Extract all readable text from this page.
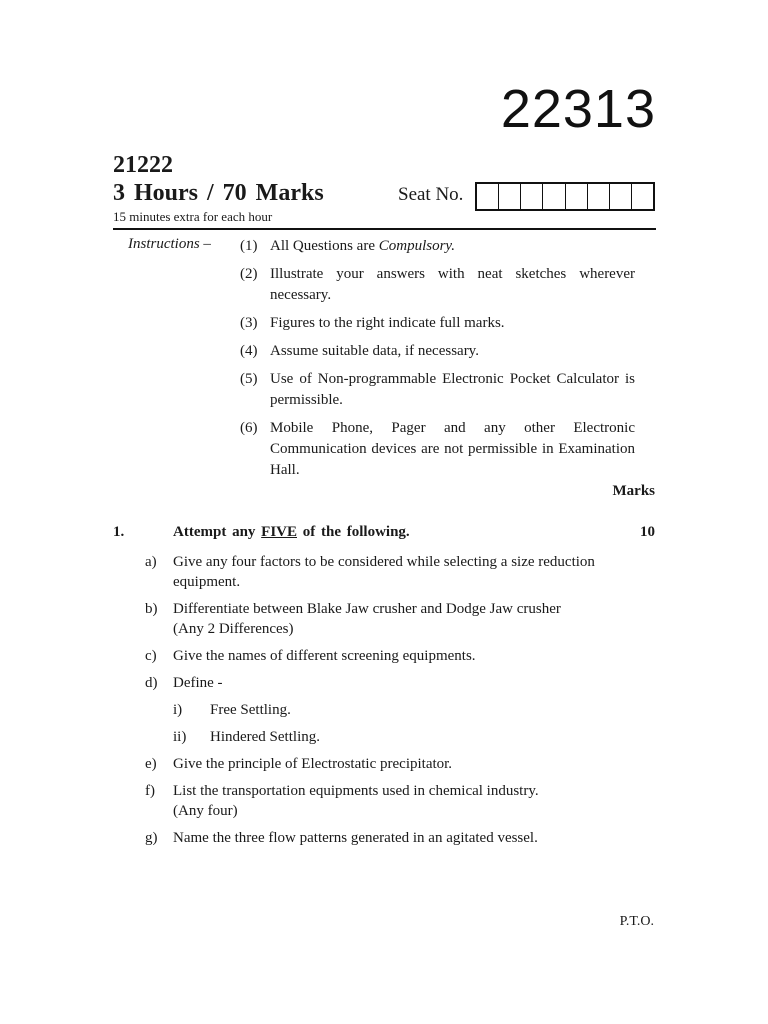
22313
21222
3 Hours / 70 Marks
15 minutes extra for each hour
Seat No.
Instructions – (1) All Questions are Compulsory.
(2) Illustrate your answers with neat sketches wherever necessary.
(3) Figures to the right indicate full marks.
(4) Assume suitable data, if necessary.
(5) Use of Non-programmable Electronic Pocket Calculator is permissible.
(6) Mobile Phone, Pager and any other Electronic Communication devices are not permissible in Examination Hall.
Marks
1.	Attempt any FIVE of the following.	10
a)	Give any four factors to be considered while selecting a size reduction equipment.
b)	Differentiate between Blake Jaw crusher and Dodge Jaw crusher
(Any 2 Differences)
c)	Give the names of different screening equipments.
d)	Define -
i)	Free Settling.
ii)	Hindered Settling.
e)	Give the principle of Electrostatic precipitator.
f)	List the transportation equipments used in chemical industry.
(Any four)
g)	Name the three flow patterns generated in an agitated vessel.
P.T.O.
